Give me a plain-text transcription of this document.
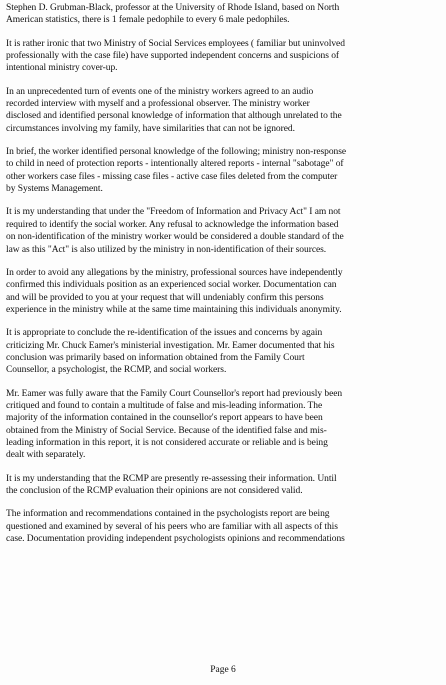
Stephen D. Grubman-Black, professor at the University of Rhode Island, based on North
American statistics, there is 1 female pedophile to every 6 male pedophiles.

It is rather ironic that two Ministry of Social Services employees ( familiar but uninvolved
professionally with the case file) have supported independent concerns and suspicions of
intentional ministry cover-up.

In an unprecedented turn of events one of the ministry workers agreed to an audio
recorded interview with myself and a professional observer. The ministry worker
disclosed and identified personal knowledge of information that although unrelated to the
circumstances involving my family, have similarities that can not be ignored.

In brief, the worker identified personal knowledge of the following; ministry non-response
to child in need of protection reports - intentionally altered reports - internal "sabotage" of
other workers case files - missing case files - active case files deleted from the computer
by Systems Management.

It is my understanding that under the "Freedom of Information and Privacy Act" I am not
required to identify the social worker. Any refusal to acknowledge the information based
on non-identification of the ministry worker would be considered a double standard of the
law as this "Act" is also utilized by the ministry in non-identification of their sources.

In order to avoid any allegations by the ministry, professional sources have independently
confirmed this individuals position as an experienced social worker. Documentation can
and will be provided to you at your request that will undeniably confirm this persons
experience in the ministry while at the same time maintaining this individuals anonymity.

It is appropriate to conclude the re-identification of the issues and concerns by again
criticizing Mr. Chuck Eamer's ministerial investigation. Mr. Eamer documented that his
conclusion was primarily based on information obtained from the Family Court
Counsellor, a psychologist, the RCMP, and social workers.

Mr. Eamer was fully aware that the Family Court Counsellor's report had previously been
critiqued and found to contain a multitude of false and mis-leading information. The
majority of the information contained in the counsellor's report appears to have been
obtained from the Ministry of Social Service. Because of the identified false and mis-
leading information in this report, it is not considered accurate or reliable and is being
dealt with separately.

It is my understanding that the RCMP are presently re-assessing their information. Until
the conclusion of the RCMP evaluation their opinions are not considered valid.

The information and recommendations contained in the psychologists report are being
questioned and examined by several of his peers who are familiar with all aspects of this
case. Documentation providing independent psychologists opinions and recommendations

Page 6
